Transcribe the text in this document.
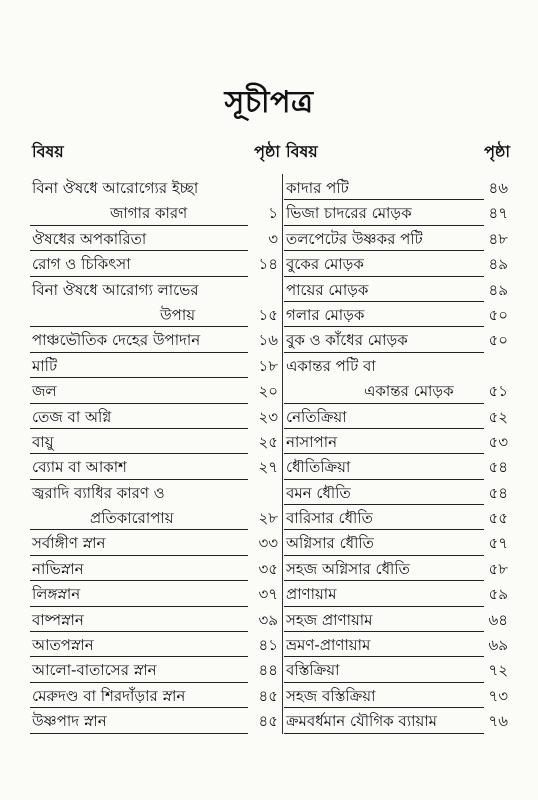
সূচীপত্র
বিষয়	পৃষ্ঠা
বিনা ঔষধে আরোগ্যের ইচ্ছা
জাগার কারণ	১
ঔষধের অপকারিতা	৩
রোগ ও চিকিৎসা	১৪
বিনা ঔষধে আরোগ্য লাভের
উপায়	১৫
পাঞ্চভৌতিক দেহের উপাদান	১৬
মাটি	১৮
জল	২০
তেজ বা অগ্নি	২৩
বায়ু	২৫
ব্যোম বা আকাশ	২৭
জ্বরাদি ব্যাধির কারণ ও
প্রতিকারোপায়	২৮
সর্বাঙ্গীণ স্নান	৩৩
নাভিস্নান	৩৫
লিঙ্গস্নান	৩৭
বাষ্পস্নান	৩৯
আতপস্নান	৪১
আলো-বাতাসের স্নান	৪৪
মেরুদণ্ড বা শিরদাঁড়ার স্নান	৪৫
উষ্ণপাদ স্নান	৪৫
বিষয়	পৃষ্ঠা
কাদার পটি	৪৬
ভিজা চাদরের মোড়ক	৪৭
তলপেটের উষ্ণকর পটি	৪৮
বুকের মোড়ক	৪৯
পায়ের মোড়ক	৪৯
গলার মোড়ক	৫০
বুক ও কাঁধের মোড়ক	৫০
একান্তর পটি বা
একান্তর মোড়ক ৫১
নেতিক্রিয়া	৫২
নাসাপান	৫৩
ধৌতিক্রিয়া	৫৪
বমন ধৌতি	৫৪
বারিসার ধৌতি	৫৫
অগ্নিসার ধৌতি	৫৭
সহজ অগ্নিসার ধৌতি	৫৮
প্রাণায়াম	৫৯
সহজ প্রাণায়াম	৬৪
ভ্রমণ-প্রাণায়াম	৬৯
বস্তিক্রিয়া	৭২
সহজ বস্তিক্রিয়া	৭৩
ক্রমবর্ধমান যৌগিক ব্যায়াম	৭৬
